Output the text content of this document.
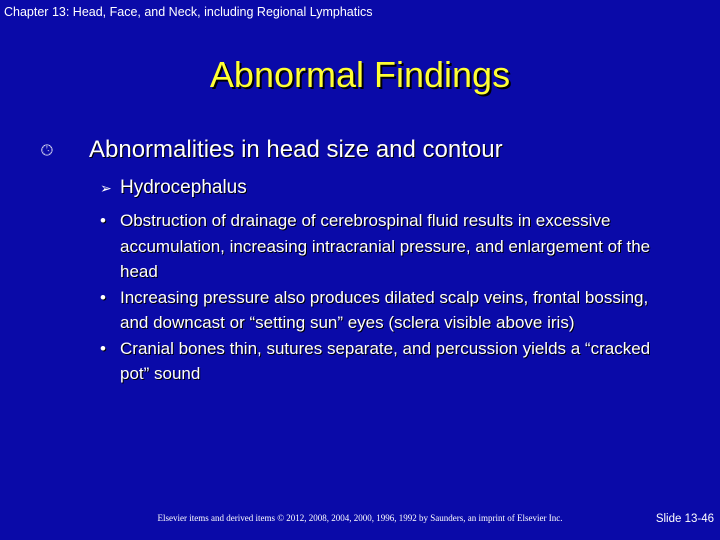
Chapter 13: Head, Face, and Neck, including Regional Lymphatics
Abnormal Findings
🕓︎	Abnormalities in head size and contour
➢ Hydrocephalus
• Obstruction of drainage of cerebrospinal fluid results in excessive accumulation, increasing intracranial pressure, and enlargement of the head
• Increasing pressure also produces dilated scalp veins, frontal bossing, and downcast or “setting sun” eyes (sclera visible above iris)
• Cranial bones thin, sutures separate, and percussion yields a “cracked pot” sound
Elsevier items and derived items © 2012, 2008, 2004, 2000, 1996, 1992 by Saunders, an imprint of Elsevier Inc.	Slide 13-46
